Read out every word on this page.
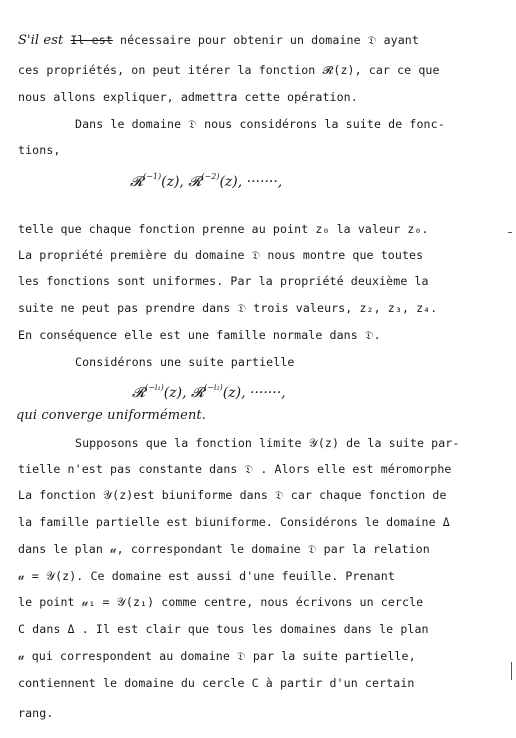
S'il est Il est nécessaire pour obtenir un domaine 𝔇 ayant
ces propriétés, on peut itérer la fonction 𝓡(z), car ce que
nous allons expliquer, admettra cette opération.
Dans le domaine 𝔇 nous considérons la suite de fonc-
tions,
𝓡$^{(-1)}$(z), 𝓡$^{(-2)}$(z), ·······,
telle que chaque fonction prenne au point z₀ la valeur z₀.
La propriété première du domaine 𝔇 nous montre que toutes
les fonctions sont uniformes. Par la propriété deuxième la
suite ne peut pas prendre dans 𝔇 trois valeurs, z₂, z₃, z₄.
En conséquence elle est une famille normale dans 𝔇.
Considérons une suite partielle
𝓡$^{(-i_1)}$(z), 𝓡$^{(-i_2)}$(z), ·······,
qui converge uniformément.
Supposons que la fonction limite 𝒴(z) de la suite par-
tielle n'est pas constante dans 𝔇 . Alors elle est méromorphe
La fonction 𝒴(z)est biuniforme dans 𝔇 car chaque fonction de
la famille partielle est biuniforme. Considérons le domaine Δ
dans le plan 𝓊, correspondant le domaine 𝔇 par la relation
𝓊 = 𝒴(z). Ce domaine est aussi d'une feuille. Prenant
le point 𝓊₁ = 𝒴(z₁) comme centre, nous écrivons un cercle
C dans Δ . Il est clair que tous les domaines dans le plan
𝓊 qui correspondent au domaine 𝔇 par la suite partielle,
contiennent le domaine du cercle C à partir d'un certain
rang.
